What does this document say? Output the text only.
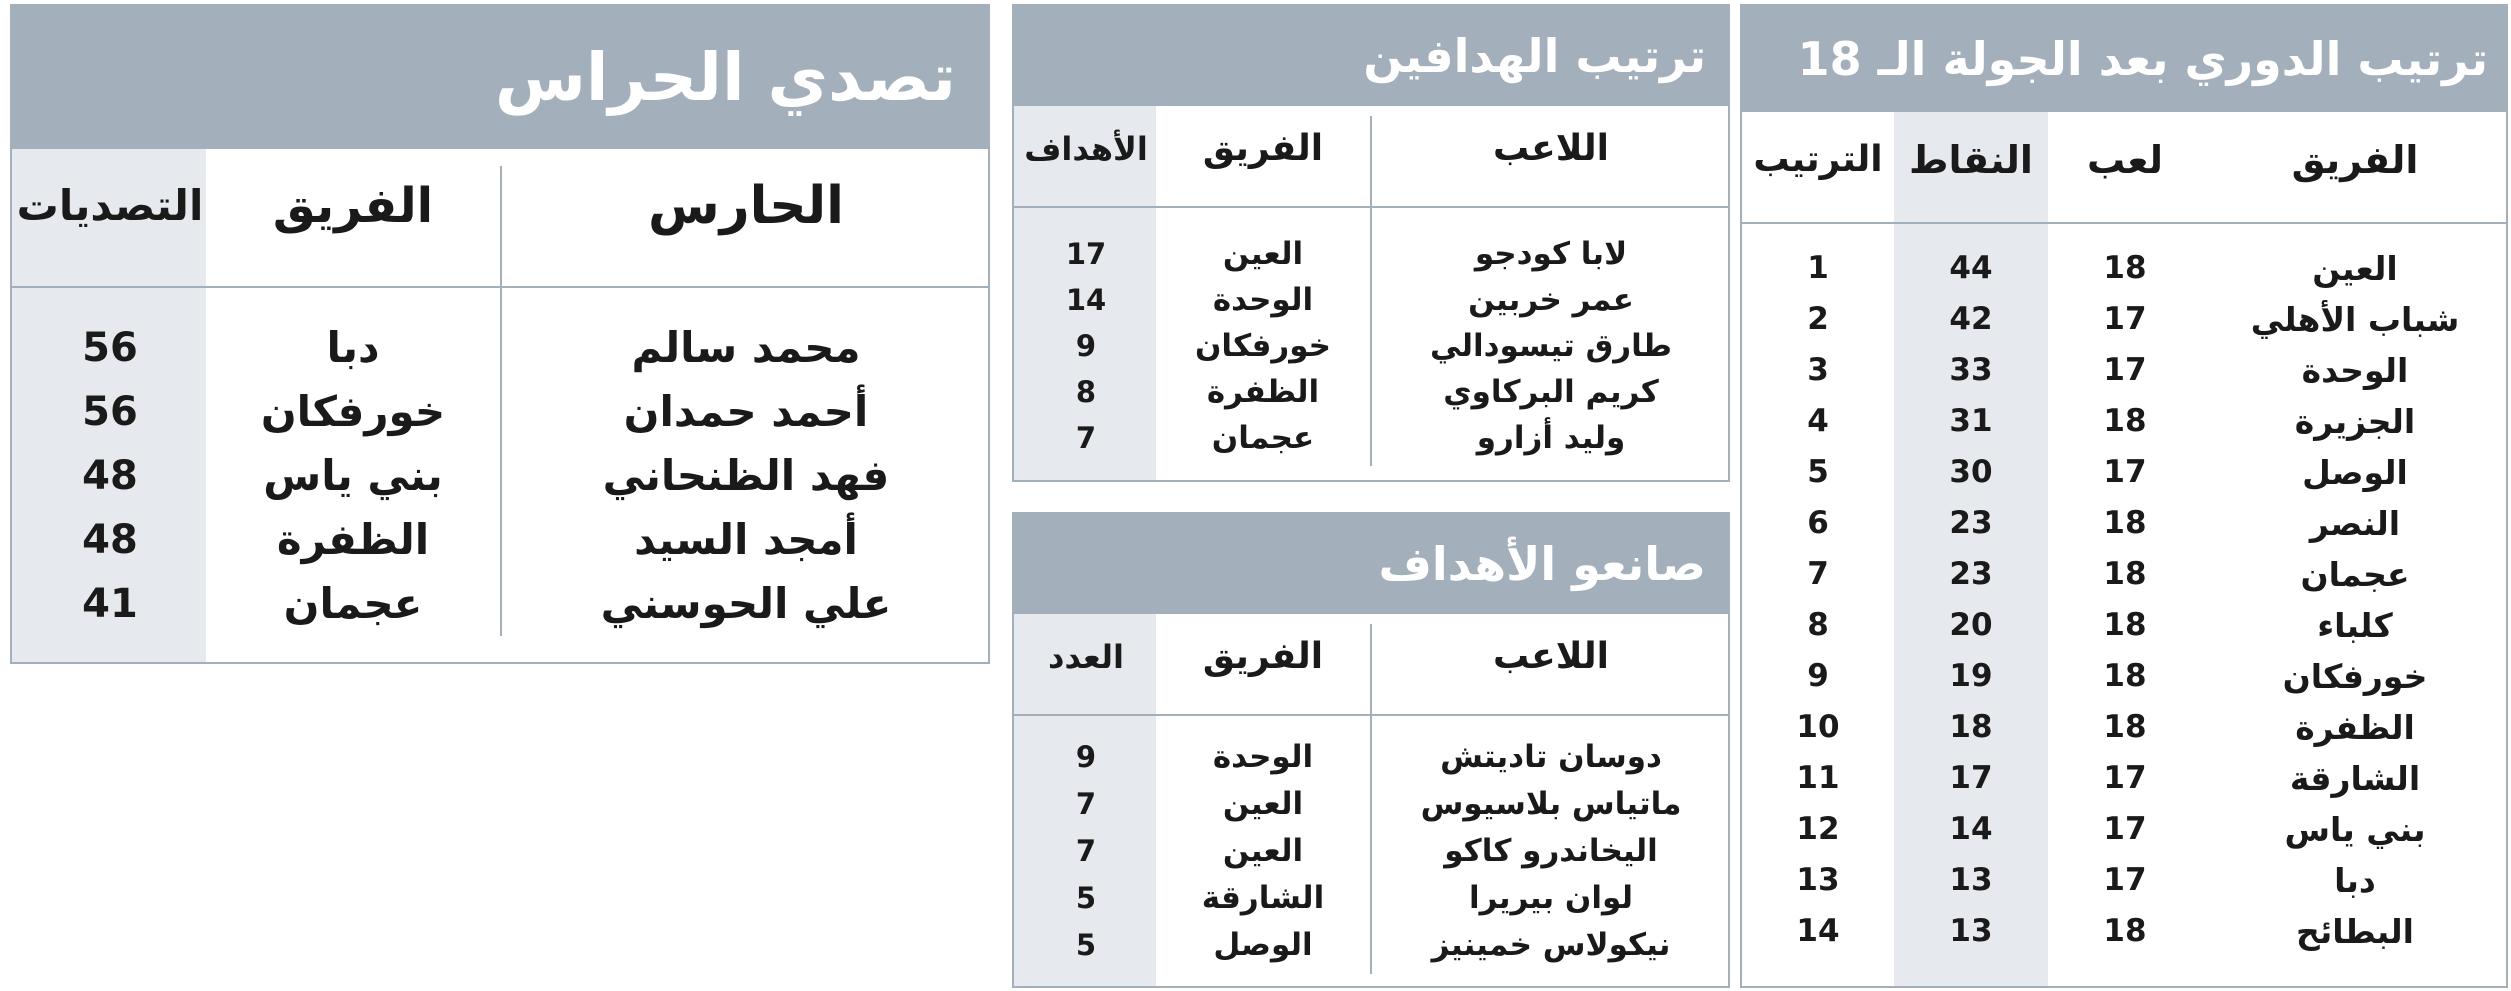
تصدي الحراس
الحارس
الفريق
التصديات
محمد سالم
دبا
56
أحمد حمدان
خورفكان
56
فهد الظنحاني
بني ياس
48
أمجد السيد
الظفرة
48
علي الحوسني
عجمان
41
ترتيب الهدافين
اللاعب
الفريق
الأهداف
لابا كودجو
العين
17
عمر خربين
الوحدة
14
طارق تيسودالي
خورفكان
9
كريم البركاوي
الظفرة
8
وليد أزارو
عجمان
7
صانعو الأهداف
اللاعب
الفريق
العدد
دوسان تاديتش
الوحدة
9
ماتياس بلاسيوس
العين
7
اليخاندرو كاكو
العين
7
لوان بيريرا
الشارقة
5
نيكولاس خمينيز
الوصل
5
ترتيب الدوري بعد الجولة الـ 18
الفريق
لعب
النقاط
الترتيب
العين
18
44
1
شباب الأهلي
17
42
2
الوحدة
17
33
3
الجزيرة
18
31
4
الوصل
17
30
5
النصر
18
23
6
عجمان
18
23
7
كلباء
18
20
8
خورفكان
18
19
9
الظفرة
18
18
10
الشارقة
17
17
11
بني ياس
17
14
12
دبا
17
13
13
البطائح
18
13
14
